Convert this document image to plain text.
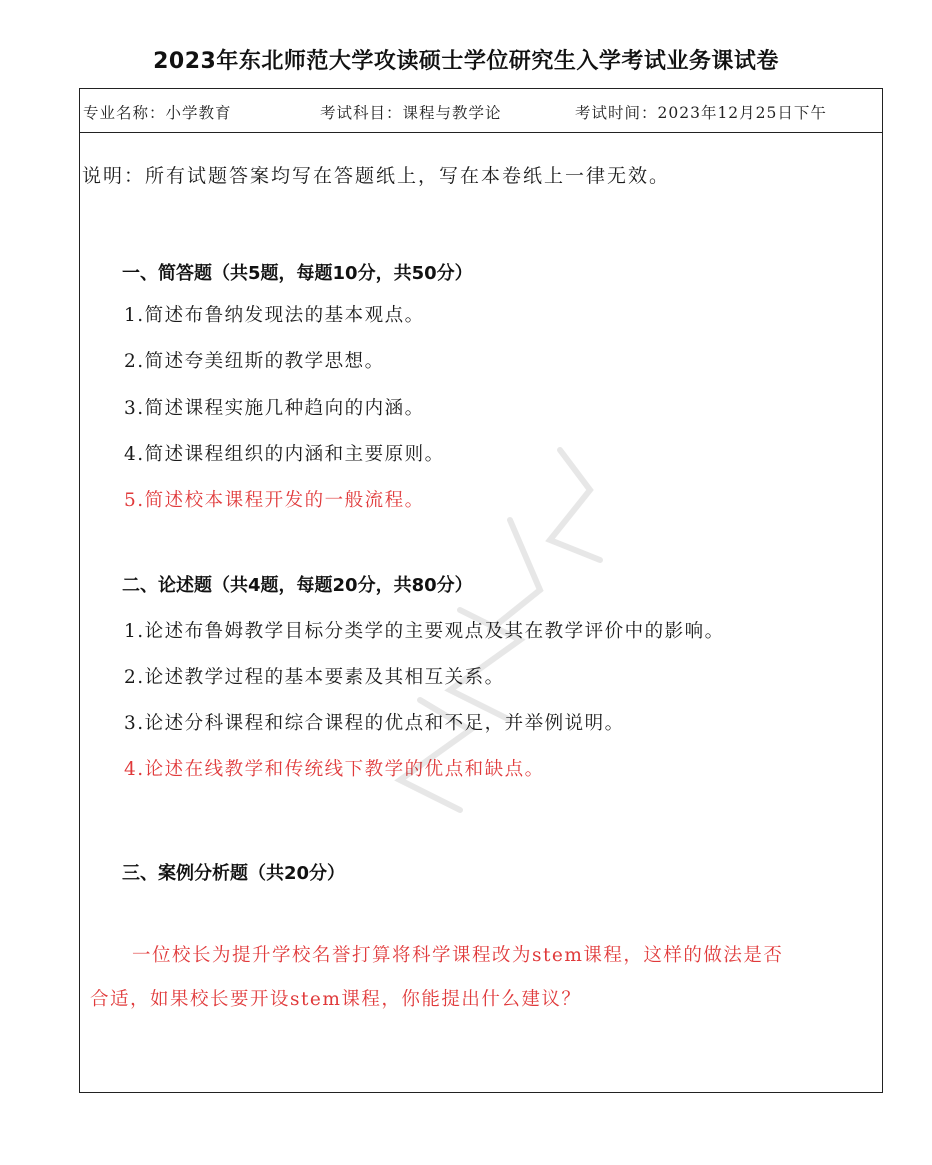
2023年东北师范大学攻读硕士学位研究生入学考试业务课试卷
专业名称：小学教育	考试科目：课程与教学论	考试时间：2023年12月25日下午
说明：所有试题答案均写在答题纸上，写在本卷纸上一律无效。
一、简答题（共5题，每题10分，共50分）
1.简述布鲁纳发现法的基本观点。
2.简述夸美纽斯的教学思想。
3.简述课程实施几种趋向的内涵。
4.简述课程组织的内涵和主要原则。
5.简述校本课程开发的一般流程。
二、论述题（共4题，每题20分，共80分）
1.论述布鲁姆教学目标分类学的主要观点及其在教学评价中的影响。
2.论述教学过程的基本要素及其相互关系。
3.论述分科课程和综合课程的优点和不足，并举例说明。
4.论述在线教学和传统线下教学的优点和缺点。
三、案例分析题（共20分）
一位校长为提升学校名誉打算将科学课程改为stem课程，这样的做法是否
合适，如果校长要开设stem课程，你能提出什么建议？
